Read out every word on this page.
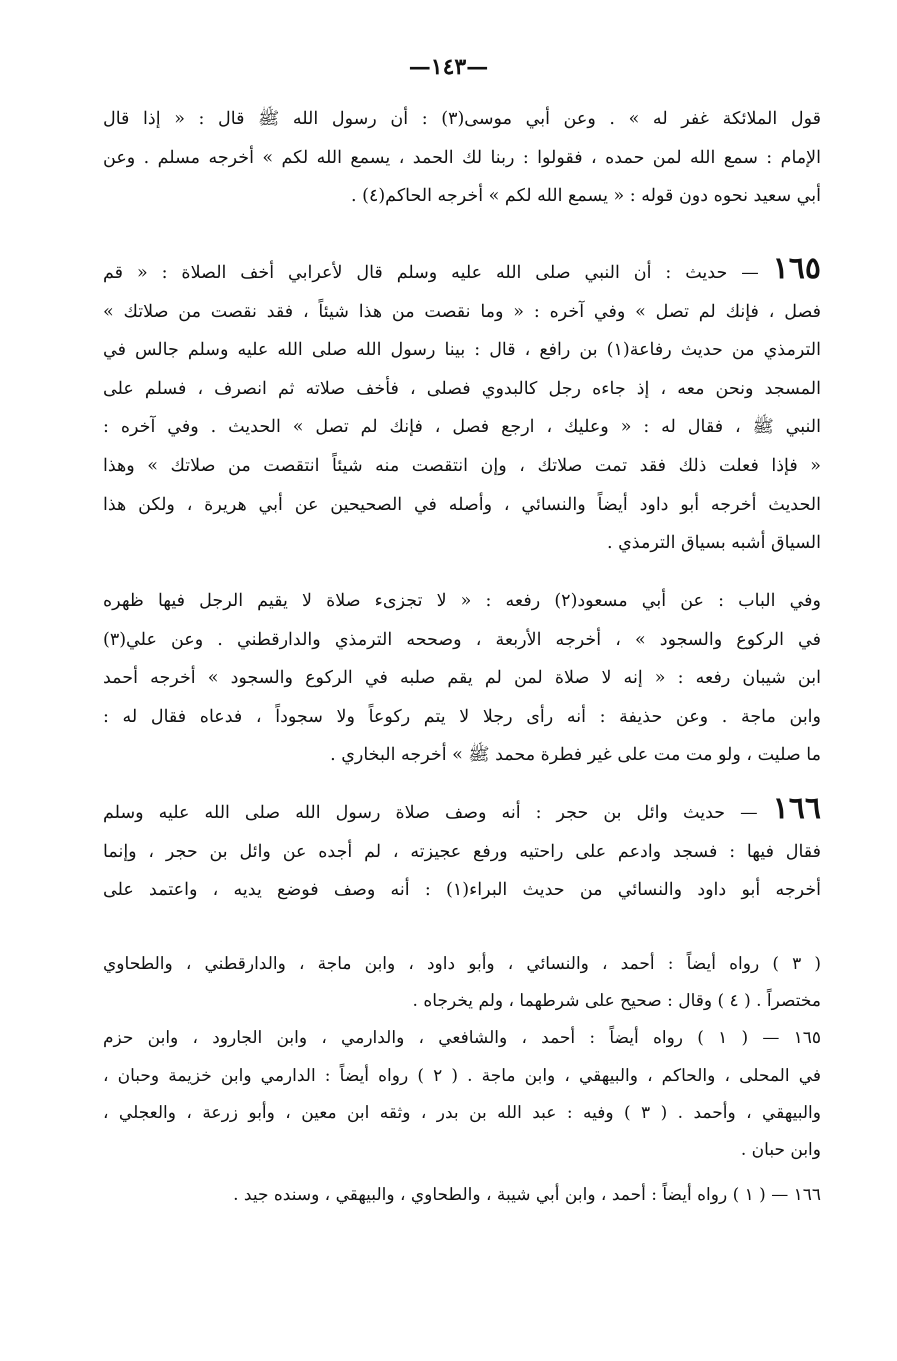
—١٤٣—
قول الملائكة غفر له » . وعن أبي موسى(٣) : أن رسول الله ﷺ قال : « إذا قال
الإمام : سمع الله لمن حمده ، فقولوا : ربنا لك الحمد ، يسمع الله لكم » أخرجه مسلم . وعن
أبي سعيد نحوه دون قوله : « يسمع الله لكم » أخرجه الحاكم(٤) .
١٦٥ — حديث : أن النبي صلى الله عليه وسلم قال لأعرابي أخف الصلاة : « قم
فصل ، فإنك لم تصل » وفي آخره : « وما نقصت من هذا شيئاً ، فقد نقصت من صلاتك »
الترمذي من حديث رفاعة(١) بن رافع ، قال : بينا رسول الله صلى الله عليه وسلم جالس في
المسجد ونحن معه ، إذ جاءه رجل كالبدوي فصلى ، فأخف صلاته ثم انصرف ، فسلم على
النبي ﷺ ، فقال له : « وعليك ، ارجع فصل ، فإنك لم تصل » الحديث . وفي آخره :
« فإذا فعلت ذلك فقد تمت صلاتك ، وإن انتقصت منه شيئاً انتقصت من صلاتك » وهذا
الحديث أخرجه أبو داود أيضاً والنسائي ، وأصله في الصحيحين عن أبي هريرة ، ولكن هذا
السياق أشبه بسياق الترمذي .
وفي الباب : عن أبي مسعود(٢) رفعه : « لا تجزىء صلاة لا يقيم الرجل فيها ظهره
في الركوع والسجود » ، أخرجه الأربعة ، وصححه الترمذي والدارقطني . وعن علي(٣)
ابن شيبان رفعه : « إنه لا صلاة لمن لم يقم صلبه في الركوع والسجود » أخرجه أحمد
وابن ماجة . وعن حذيفة : أنه رأى رجلا لا يتم ركوعاً ولا سجوداً ، فدعاه فقال له :
ما صليت ، ولو مت مت على غير فطرة محمد ﷺ » أخرجه البخاري .
١٦٦ — حديث وائل بن حجر : أنه وصف صلاة رسول الله صلى الله عليه وسلم
فقال فيها : فسجد وادعم على راحتيه ورفع عجيزته ، لم أجده عن وائل بن حجر ، وإنما
أخرجه أبو داود والنسائي من حديث البراء(١) : أنه وصف فوضع يديه ، واعتمد على
( ٣ ) رواه أيضاً : أحمد ، والنسائي ، وأبو داود ، وابن ماجة ، والدارقطني ، والطحاوي
مختصراً . ( ٤ ) وقال : صحيح على شرطهما ، ولم يخرجاه .
١٦٥ — ( ١ ) رواه أيضاً : أحمد ، والشافعي ، والدارمي ، وابن الجارود ، وابن حزم
في المحلى ، والحاكم ، والبيهقي ، وابن ماجة . ( ٢ ) رواه أيضاً : الدارمي وابن خزيمة وحبان ،
والبيهقي ، وأحمد . ( ٣ ) وفيه : عبد الله بن بدر ، وثقه ابن معين ، وأبو زرعة ، والعجلي ،
وابن حبان .
١٦٦ — ( ١ ) رواه أيضاً : أحمد ، وابن أبي شيبة ، والطحاوي ، والبيهقي ، وسنده جيد .
